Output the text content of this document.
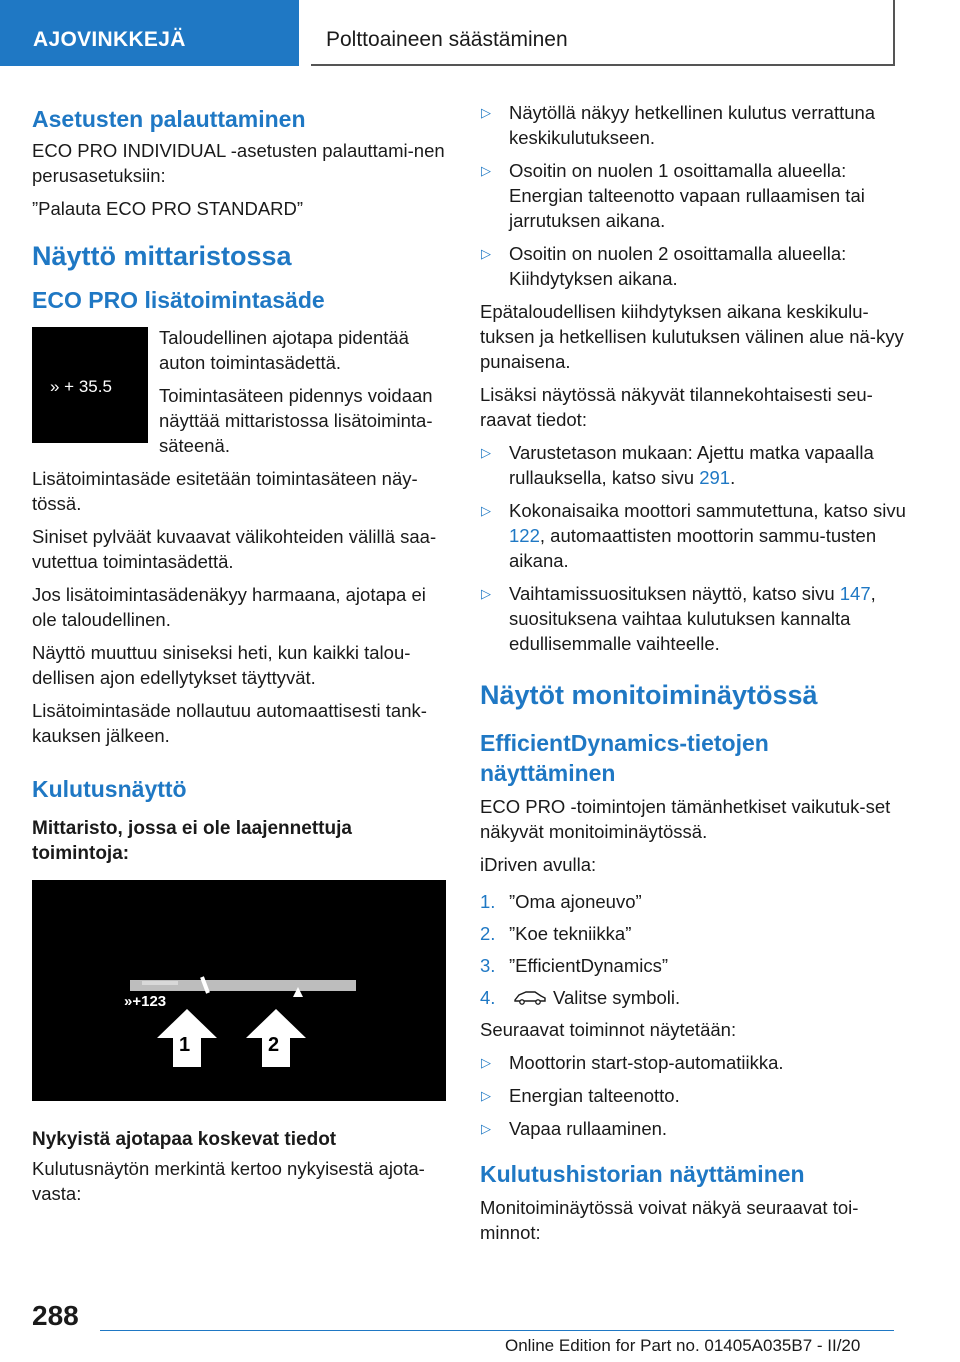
AJOVINKKEJÄ	Polttoaineen säästäminen
Asetusten palauttaminen

ECO PRO INDIVIDUAL -asetusten palauttami-nen perusasetuksiin:

”Palauta ECO PRO STANDARD”

Näyttö mittaristossa
ECO PRO lisätoimintasäde
» + 35.5

Taloudellinen ajotapa pidentää auton toimintasädettä.

Toimintasäteen pidennys voidaan näyttää mittaristossa lisätoiminta-säteenä.

Lisätoimintasäde esitetään toimintasäteen näy-tössä.

Siniset pylväät kuvaavat välikohteiden välillä saa-vutettua toimintasädettä.

Jos lisätoimintasädenäkyy harmaana, ajotapa ei ole taloudellinen.

Näyttö muuttuu siniseksi heti, kun kaikki talou-dellisen ajon edellytykset täyttyvät.

Lisätoimintasäde nollautuu automaattisesti tank-kauksen jälkeen.

Kulutusnäyttö
Mittaristo, jossa ei ole laajennettuja toimintoja:
»+123
1	2
Nykyistä ajotapaa koskevat tiedot

Kulutusnäytön merkintä kertoo nykyisestä ajota-vasta:

▷ Näytöllä näkyy hetkellinen kulutus verrattuna keskikulutukseen.
▷ Osoitin on nuolen 1 osoittamalla alueella: Energian talteenotto vapaan rullaamisen tai jarrutuksen aikana.
▷ Osoitin on nuolen 2 osoittamalla alueella: Kiihdytyksen aikana.

Epätaloudellisen kiihdytyksen aikana keskikulu-tuksen ja hetkellisen kulutuksen välinen alue nä-kyy punaisena.

Lisäksi näytössä näkyvät tilannekohtaisesti seu-raavat tiedot:

▷ Varustetason mukaan: Ajettu matka vapaalla rullauksella, katso sivu 291.
▷ Kokonaisaika moottori sammutettuna, katso sivu 122, automaattisten moottorin sammu-tusten aikana.
▷ Vaihtamissuosituksen näyttö, katso sivu 147, suosituksena vaihtaa kulutuksen kannalta edullisemmalle vaihteelle.
Näytöt monitoiminäytössä
EfficientDynamics-tietojen näyttäminen

ECO PRO -toimintojen tämänhetkiset vaikutuk-set näkyvät monitoiminäytössä.

iDriven avulla:

1. ”Oma ajoneuvo”
2. ”Koe tekniikka”
3. ”EfficientDynamics”
4.	Valitse symboli.

Seuraavat toiminnot näytetään:

▷ Moottorin start-stop-automatiikka.
▷ Energian talteenotto.
▷ Vapaa rullaaminen.
Kulutushistorian näyttäminen

Monitoiminäytössä voivat näkyä seuraavat toi-minnot:

288
Online Edition for Part no. 01405A035B7 - II/20
